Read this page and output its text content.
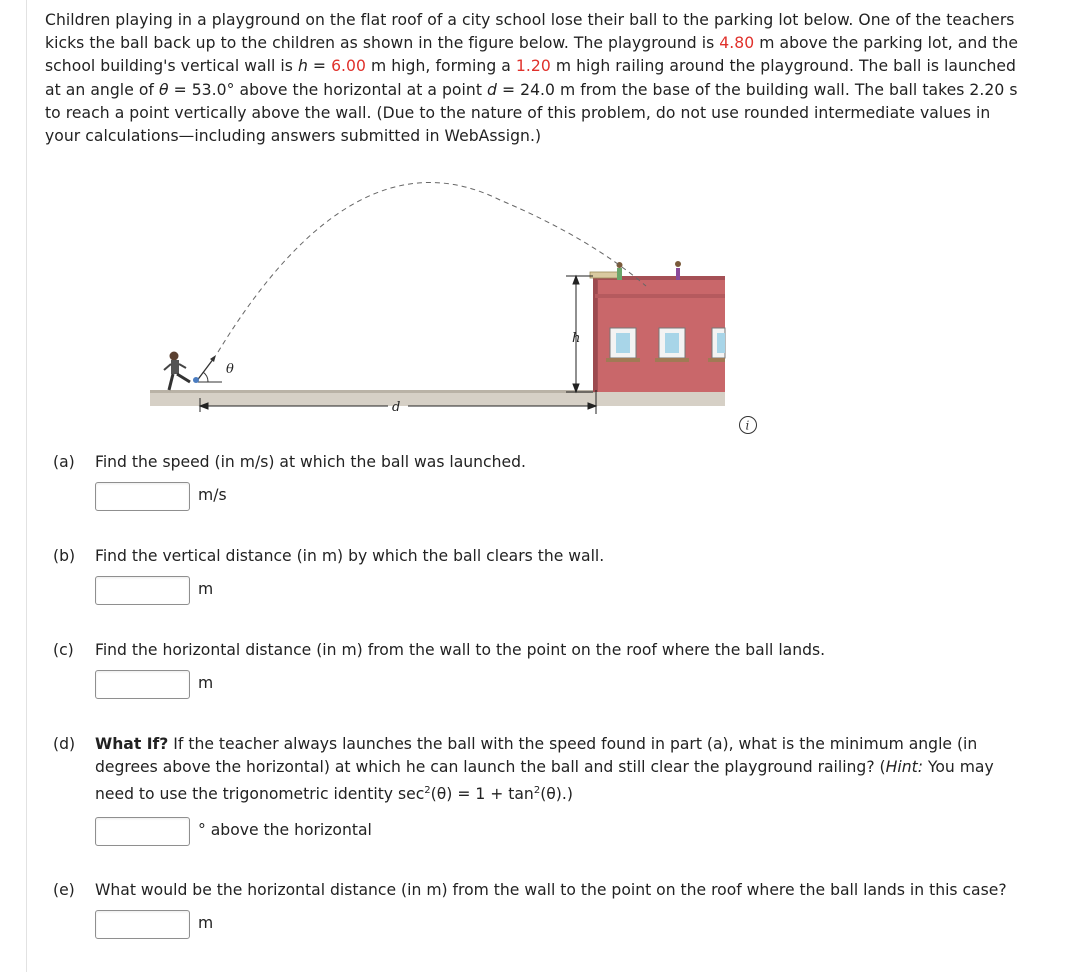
Children playing in a playground on the flat roof of a city school lose their ball to the parking lot below. One of the teachers
kicks the ball back up to the children as shown in the figure below. The playground is 4.80 m above the parking lot, and the
school building's vertical wall is h = 6.00 m high, forming a 1.20 m high railing around the playground. The ball is launched
at an angle of θ = 53.0° above the horizontal at a point d = 24.0 m from the base of the building wall. The ball takes 2.20 s
to reach a point vertically above the wall. (Due to the nature of this problem, do not use rounded intermediate values in
your calculations—including answers submitted in WebAssign.)
h
d
θ
i
(a) Find the speed (in m/s) at which the ball was launched.
m/s
(b) Find the vertical distance (in m) by which the ball clears the wall.
m
(c) Find the horizontal distance (in m) from the wall to the point on the roof where the ball lands.
m
(d) What If? If the teacher always launches the ball with the speed found in part (a), what is the minimum angle (in
degrees above the horizontal) at which he can launch the ball and still clear the playground railing? (Hint: You may
need to use the trigonometric identity $\sec^2(\theta) = 1 + \tan^2(\theta)$.)
° above the horizontal
(e) What would be the horizontal distance (in m) from the wall to the point on the roof where the ball lands in this case?
m
